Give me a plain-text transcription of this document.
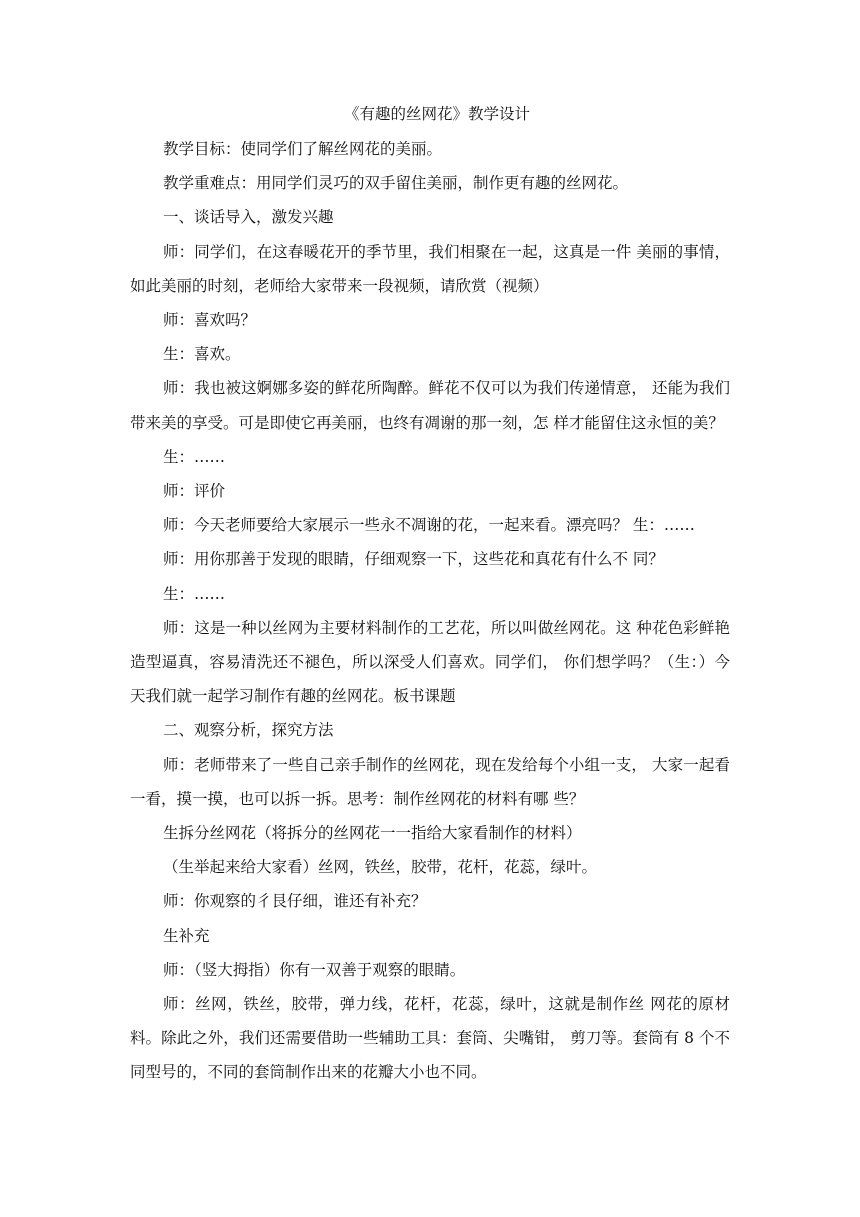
《有趣的丝网花》教学设计

教学目标：使同学们了解丝网花的美丽。

教学重难点：用同学们灵巧的双手留住美丽，制作更有趣的丝网花。

一、谈话导入，激发兴趣

师：同学们，在这春暖花开的季节里，我们相聚在一起，这真是一件 美丽的事情，如此美丽的时刻，老师给大家带来一段视频，请欣赏（视频）

师：喜欢吗？

生：喜欢。

师：我也被这婀娜多姿的鲜花所陶醉。鲜花不仅可以为我们传递情意， 还能为我们带来美的享受。可是即使它再美丽，也终有凋谢的那一刻，怎 样才能留住这永恒的美？

生：……

师：评价

师：今天老师要给大家展示一些永不凋谢的花，一起来看。漂亮吗？ 生：……

师：用你那善于发现的眼睛，仔细观察一下，这些花和真花有什么不 同？

生：……

师：这是一种以丝网为主要材料制作的工艺花，所以叫做丝网花。这 种花色彩鲜艳造型逼真，容易清洗还不褪色，所以深受人们喜欢。同学们， 你们想学吗？（生：）今天我们就一起学习制作有趣的丝网花。板书课题

二、观察分析，探究方法

师：老师带来了一些自己亲手制作的丝网花，现在发给每个小组一支， 大家一起看一看，摸一摸，也可以拆一拆。思考：制作丝网花的材料有哪 些？

生拆分丝网花（将拆分的丝网花一一指给大家看制作的材料）

（生举起来给大家看）丝网，铁丝，胶带，花杆，花蕊，绿叶。

师：你观察的彳艮仔细，谁还有补充？

生补充

师：（竖大拇指）你有一双善于观察的眼睛。

师：丝网，铁丝，胶带，弹力线，花杆，花蕊，绿叶，这就是制作丝 网花的原材料。除此之外，我们还需要借助一些辅助工具：套筒、尖嘴钳， 剪刀等。套筒有 8 个不同型号的，不同的套筒制作出来的花瓣大小也不同。
